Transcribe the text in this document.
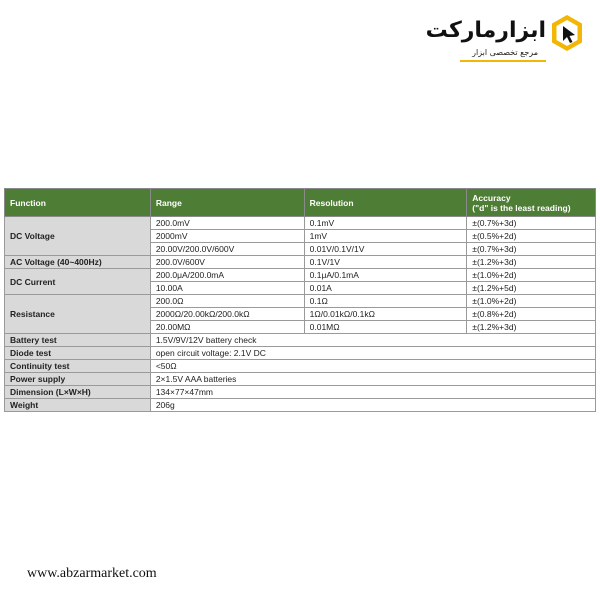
ابزارمارکت
مرجع تخصصی ابزار
Function	Range	Resolution	Accuracy
("d" is the least reading)
DC Voltage	200.0mV	0.1mV	±(0.7%+3d)
	2000mV	1mV	±(0.5%+2d)
	20.00V/200.0V/600V	0.01V/0.1V/1V	±(0.7%+3d)
AC Voltage (40~400Hz)	200.0V/600V	0.1V/1V	±(1.2%+3d)
DC Current	200.0μA/200.0mA	0.1μA/0.1mA	±(1.0%+2d)
	10.00A	0.01A	±(1.2%+5d)
Resistance	200.0Ω	0.1Ω	±(1.0%+2d)
	2000Ω/20.00kΩ/200.0kΩ	1Ω/0.01kΩ/0.1kΩ	±(0.8%+2d)
	20.00MΩ	0.01MΩ	±(1.2%+3d)
Battery test	1.5V/9V/12V battery check		
Diode test	open circuit voltage: 2.1V DC		
Continuity test	<50Ω		
Power supply	2×1.5V AAA batteries		
Dimension (L×W×H)	134×77×47mm		
Weight	206g		
www.abzarmarket.com
